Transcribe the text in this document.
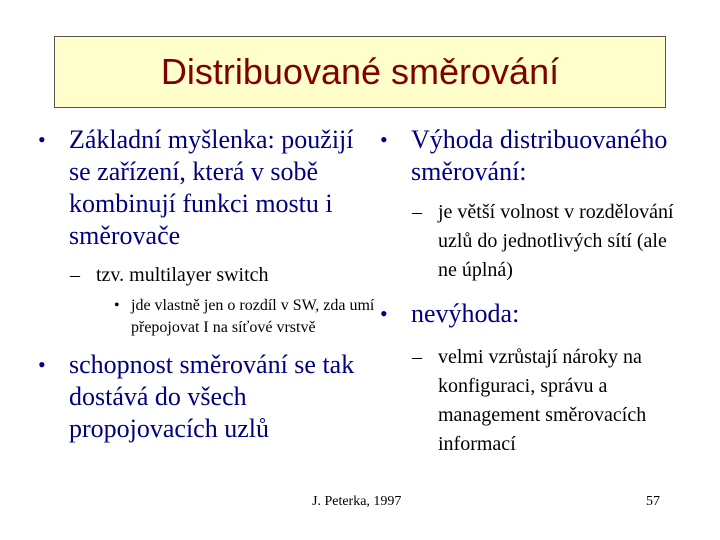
Distribuované směrování
• Základní myšlenka: použijí se zařízení, která v sobě kombinují funkci mostu i směrovače
– tzv. multilayer switch
• jde vlastně jen o rozdíl v SW, zda umí přepojovat I na síťové vrstvě
• schopnost směrování se tak dostává do všech propojovacích uzlů
• Výhoda distribuovaného směrování:
– je větší volnost v rozdělování uzlů do jednotlivých sítí (ale ne úplná)
• nevýhoda:
– velmi vzrůstají nároky na konfiguraci, správu a management směrovacích informací
J. Peterka, 1997	57
